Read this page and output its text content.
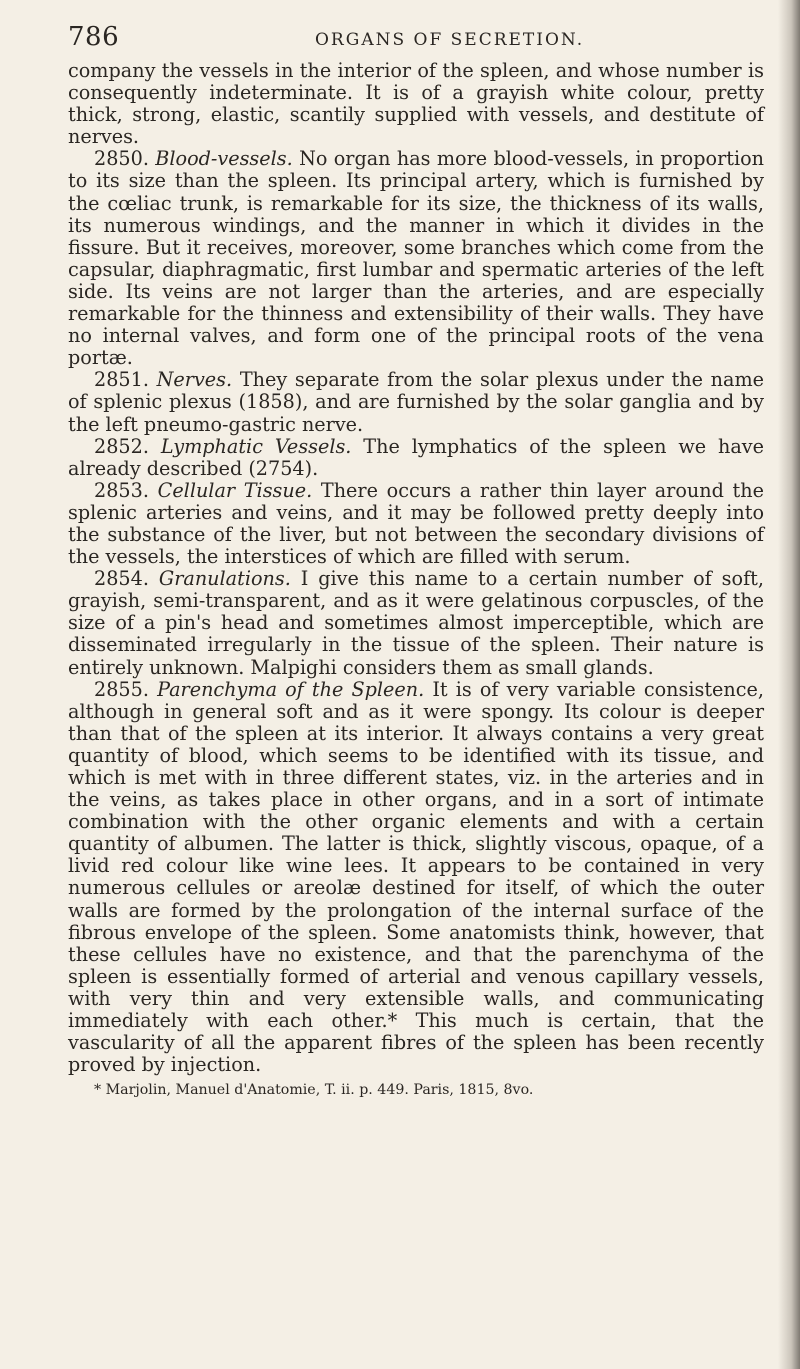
786	ORGANS OF SECRETION.

company the vessels in the interior of the spleen, and whose number is consequently indeterminate. It is of a grayish white colour, pretty thick, strong, elastic, scantily supplied with vessels, and destitute of nerves.

2850. Blood-vessels. No organ has more blood-vessels, in proportion to its size than the spleen. Its principal artery, which is furnished by the cœliac trunk, is remarkable for its size, the thickness of its walls, its numerous windings, and the manner in which it divides in the fissure. But it receives, moreover, some branches which come from the capsular, diaphragmatic, first lumbar and spermatic arteries of the left side. Its veins are not larger than the arteries, and are especially remarkable for the thinness and extensibility of their walls. They have no internal valves, and form one of the principal roots of the vena portæ.

2851. Nerves. They separate from the solar plexus under the name of splenic plexus (1858), and are furnished by the solar ganglia and by the left pneumo-gastric nerve.

2852. Lymphatic Vessels. The lymphatics of the spleen we have already described (2754).

2853. Cellular Tissue. There occurs a rather thin layer around the splenic arteries and veins, and it may be followed pretty deeply into the substance of the liver, but not between the secondary divisions of the vessels, the interstices of which are filled with serum.

2854. Granulations. I give this name to a certain number of soft, grayish, semi-transparent, and as it were gelatinous corpuscles, of the size of a pin's head and sometimes almost imperceptible, which are disseminated irregularly in the tissue of the spleen. Their nature is entirely unknown. Malpighi considers them as small glands.

2855. Parenchyma of the Spleen. It is of very variable consistence, although in general soft and as it were spongy. Its colour is deeper than that of the spleen at its interior. It always contains a very great quantity of blood, which seems to be identified with its tissue, and which is met with in three different states, viz. in the arteries and in the veins, as takes place in other organs, and in a sort of intimate combination with the other organic elements and with a certain quantity of albumen. The latter is thick, slightly viscous, opaque, of a livid red colour like wine lees. It appears to be contained in very numerous cellules or areolæ destined for itself, of which the outer walls are formed by the prolongation of the internal surface of the fibrous envelope of the spleen. Some anatomists think, however, that these cellules have no existence, and that the parenchyma of the spleen is essentially formed of arterial and venous capillary vessels, with very thin and very extensible walls, and communicating immediately with each other.* This much is certain, that the vascularity of all the apparent fibres of the spleen has been recently proved by injection.

* Marjolin, Manuel d'Anatomie, T. ii. p. 449. Paris, 1815, 8vo.
